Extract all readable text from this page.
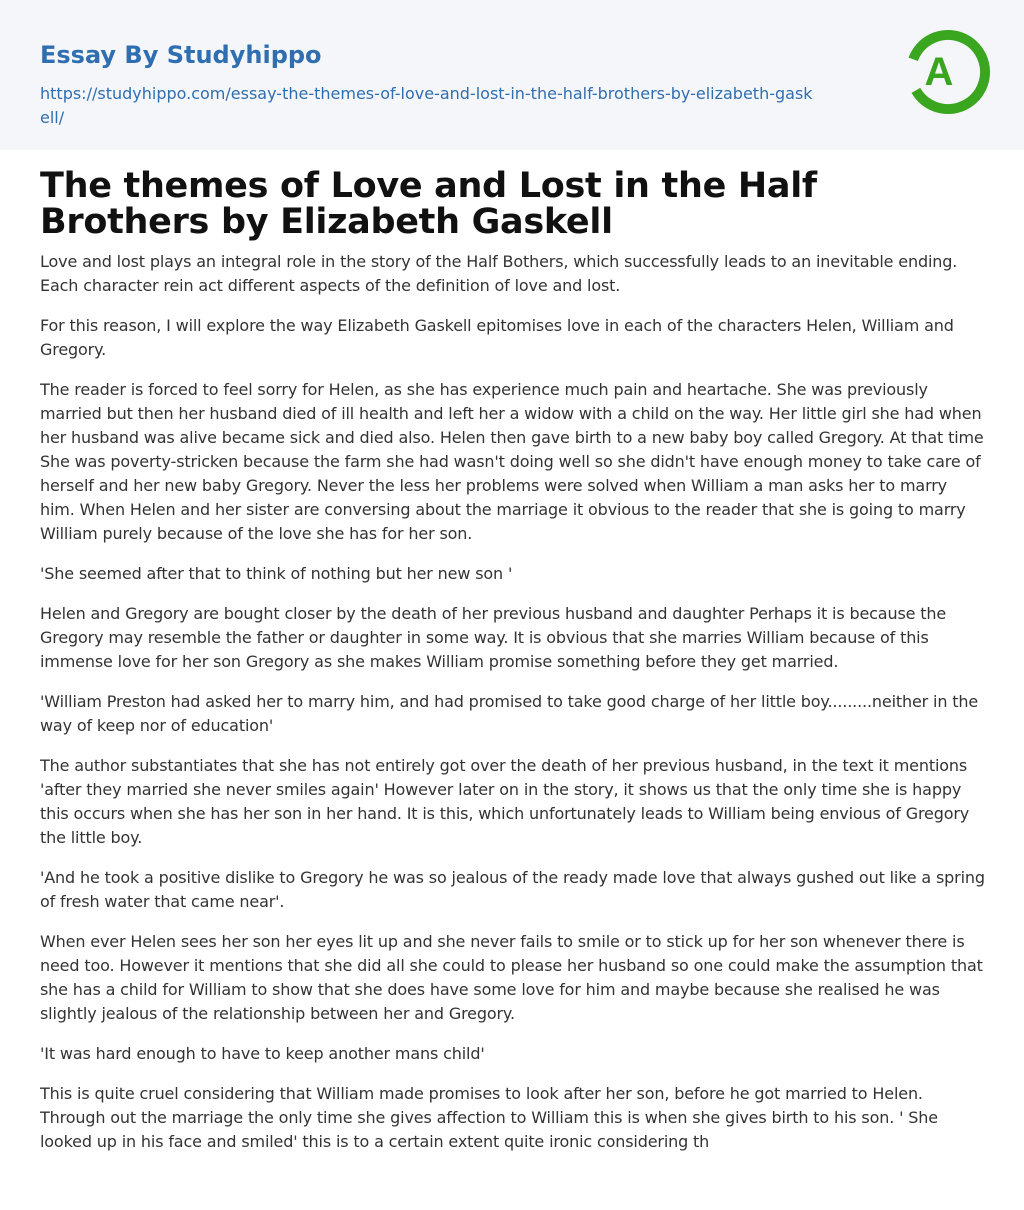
Essay By Studyhippo
https://studyhippo.com/essay-the-themes-of-love-and-lost-in-the-half-brothers-by-elizabeth-gaskell/
A
The themes of Love and Lost in the Half Brothers by Elizabeth Gaskell

Love and lost plays an integral role in the story of the Half Bothers, which successfully leads to an inevitable ending. Each character rein act different aspects of the definition of love and lost.

For this reason, I will explore the way Elizabeth Gaskell epitomises love in each of the characters Helen, William and Gregory.

The reader is forced to feel sorry for Helen, as she has experience much pain and heartache. She was previously married but then her husband died of ill health and left her a widow with a child on the way. Her little girl she had when her husband was alive became sick and died also. Helen then gave birth to a new baby boy called Gregory. At that time She was poverty-stricken because the farm she had wasn't doing well so she didn't have enough money to take care of herself and her new baby Gregory. Never the less her problems were solved when William a man asks her to marry him. When Helen and her sister are conversing about the marriage it obvious to the reader that she is going to marry William purely because of the love she has for her son.

'She seemed after that to think of nothing but her new son '

Helen and Gregory are bought closer by the death of her previous husband and daughter Perhaps it is because the Gregory may resemble the father or daughter in some way. It is obvious that she marries William because of this immense love for her son Gregory as she makes William promise something before they get married.

'William Preston had asked her to marry him, and had promised to take good charge of her little boy.........neither in the way of keep nor of education'

The author substantiates that she has not entirely got over the death of her previous husband, in the text it mentions 'after they married she never smiles again' However later on in the story, it shows us that the only time she is happy this occurs when she has her son in her hand. It is this, which unfortunately leads to William being envious of Gregory the little boy.

'And he took a positive dislike to Gregory he was so jealous of the ready made love that always gushed out like a spring of fresh water that came near'.

When ever Helen sees her son her eyes lit up and she never fails to smile or to stick up for her son whenever there is need too. However it mentions that she did all she could to please her husband so one could make the assumption that she has a child for William to show that she does have some love for him and maybe because she realised he was slightly jealous of the relationship between her and Gregory.

'It was hard enough to have to keep another mans child'

This is quite cruel considering that William made promises to look after her son, before he got married to Helen. Through out the marriage the only time she gives affection to William this is when she gives birth to his son. ' She looked up in his face and smiled' this is to a certain extent quite ironic considering th
